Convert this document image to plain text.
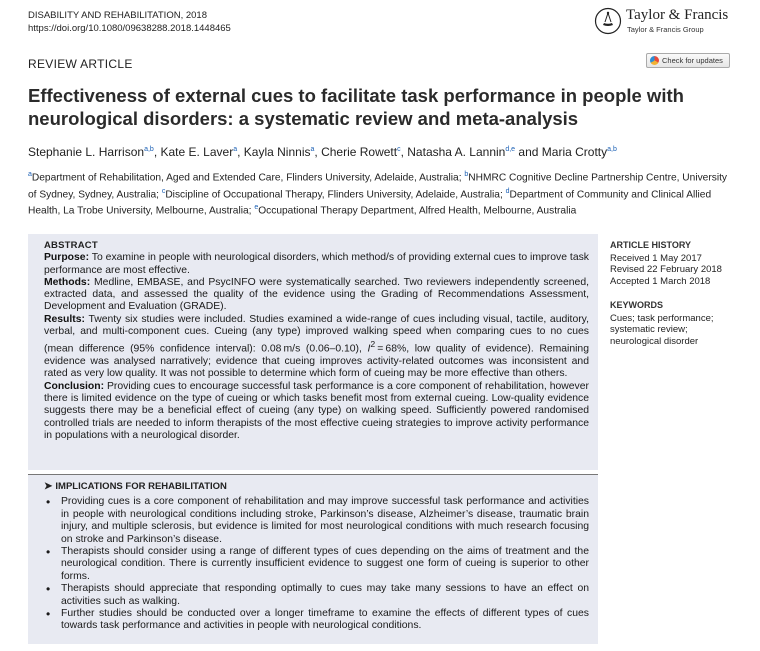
DISABILITY AND REHABILITATION, 2018
https://doi.org/10.1080/09638288.2018.1448465
Taylor & Francis
Taylor & Francis Group
REVIEW ARTICLE	Check for updates
Effectiveness of external cues to facilitate task performance in people with neurological disorders: a systematic review and meta-analysis
Stephanie L. Harrison$^{a,b}$, Kate E. Laver$^a$, Kayla Ninnis$^a$, Cherie Rowett$^c$, Natasha A. Lannin$^{d,e}$ and Maria Crotty$^{a,b}$
$^a$Department of Rehabilitation, Aged and Extended Care, Flinders University, Adelaide, Australia; $^b$NHMRC Cognitive Decline Partnership Centre, University of Sydney, Sydney, Australia; $^c$Discipline of Occupational Therapy, Flinders University, Adelaide, Australia; $^d$Department of Community and Clinical Allied Health, La Trobe University, Melbourne, Australia; $^e$Occupational Therapy Department, Alfred Health, Melbourne, Australia
ABSTRACT

Purpose: To examine in people with neurological disorders, which method/s of providing external cues to improve task performance are most effective.

Methods: Medline, EMBASE, and PsycINFO were systematically searched. Two reviewers independently screened, extracted data, and assessed the quality of the evidence using the Grading of Recommendations Assessment, Development and Evaluation (GRADE).

Results: Twenty six studies were included. Studies examined a wide-range of cues including visual, tactile, auditory, verbal, and multi-component cues. Cueing (any type) improved walking speed when comparing cues to no cues (mean difference (95% confidence interval): 0.08 m/s (0.06–0.10), $I^2 = 68\%$, low quality of evidence). Remaining evidence was analysed narratively; evidence that cueing improves activity-related outcomes was inconsistent and rated as very low quality. It was not possible to determine which form of cueing may be more effective than others.

Conclusion: Providing cues to encourage successful task performance is a core component of rehabilitation, however there is limited evidence on the type of cueing or which tasks benefit most from external cueing. Low-quality evidence suggests there may be a beneficial effect of cueing (any type) on walking speed. Sufficiently powered randomised controlled trials are needed to inform therapists of the most effective cueing strategies to improve activity performance in populations with a neurological disorder.

ARTICLE HISTORY
Received 1 May 2017
Revised 22 February 2018
Accepted 1 March 2018
KEYWORDS
Cues; task performance; systematic review; neurological disorder
➤ IMPLICATIONS FOR REHABILITATION
• Providing cues is a core component of rehabilitation and may improve successful task performance and activities in people with neurological conditions including stroke, Parkinson’s disease, Alzheimer’s disease, traumatic brain injury, and multiple sclerosis, but evidence is limited for most neurological conditions with much research focusing on stroke and Parkinson’s disease.
• Therapists should consider using a range of different types of cues depending on the aims of treatment and the neurological condition. There is currently insufficient evidence to suggest one form of cueing is superior to other forms.
• Therapists should appreciate that responding optimally to cues may take many sessions to have an effect on activities such as walking.
• Further studies should be conducted over a longer timeframe to examine the effects of different types of cues towards task performance and activities in people with neurological conditions.
